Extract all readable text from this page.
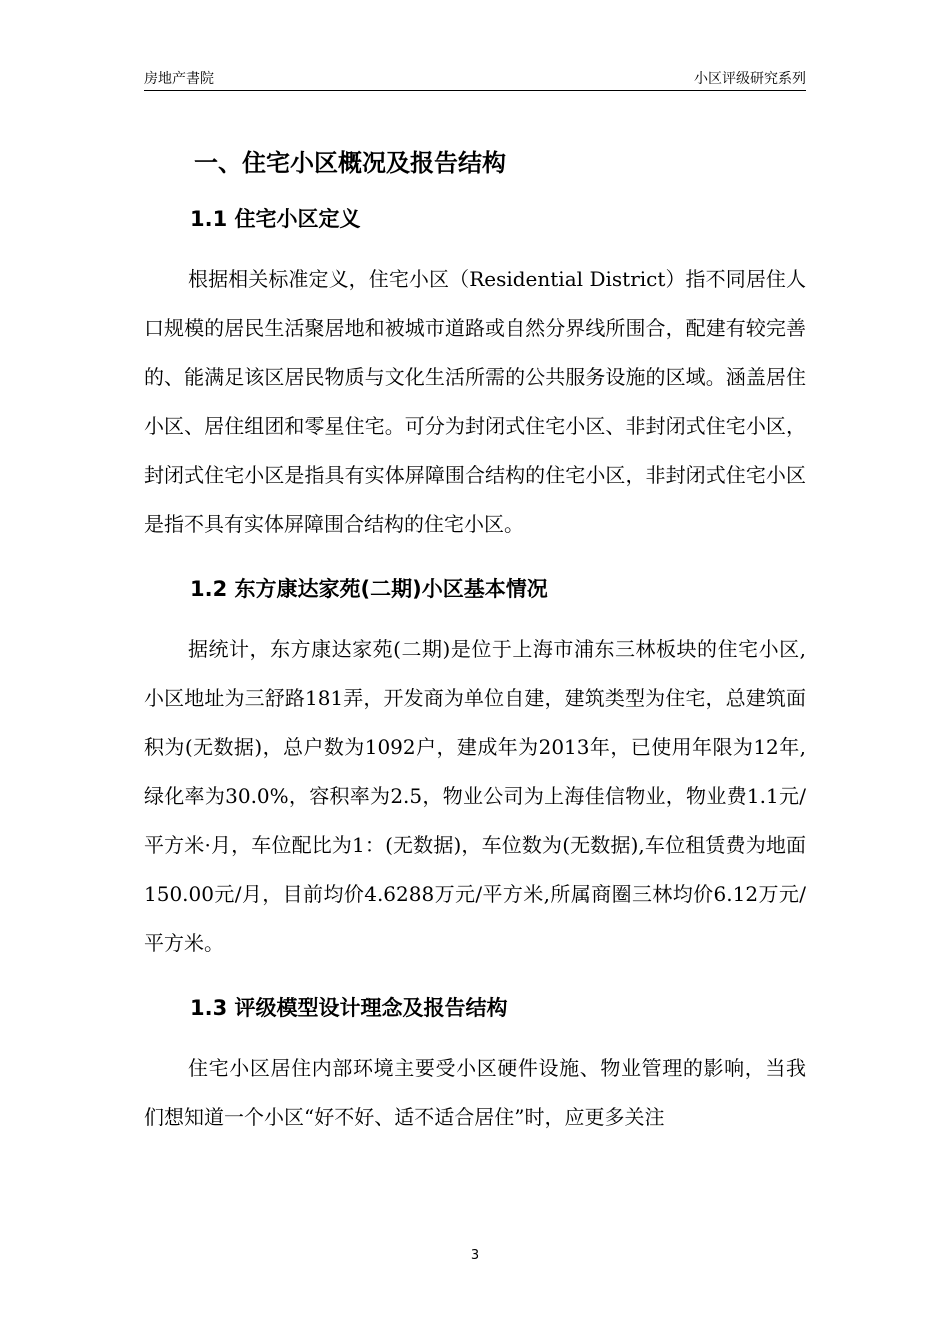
房地产書院	小区评级研究系列
一、住宅小区概况及报告结构
1.1 住宅小区定义

根据相关标准定义，住宅小区（Residential District）指不同居住人口规模的居民生活聚居地和被城市道路或自然分界线所围合，配建有较完善的、能满足该区居民物质与文化生活所需的公共服务设施的区域。涵盖居住小区、居住组团和零星住宅。可分为封闭式住宅小区、非封闭式住宅小区，封闭式住宅小区是指具有实体屏障围合结构的住宅小区，非封闭式住宅小区是指不具有实体屏障围合结构的住宅小区。

1.2 东方康达家苑(二期)小区基本情况

据统计，东方康达家苑(二期)是位于上海市浦东三林板块的住宅小区,小区地址为三舒路181弄，开发商为单位自建，建筑类型为住宅，总建筑面积为(无数据)，总户数为1092户，建成年为2013年，已使用年限为12年,绿化率为30.0%，容积率为2.5，物业公司为上海佳信物业，物业费1.1元/平方米·月，车位配比为1：(无数据)，车位数为(无数据),车位租赁费为地面150.00元/月，目前均价4.6288万元/平方米,所属商圈三林均价6.12万元/平方米。

1.3 评级模型设计理念及报告结构

住宅小区居住内部环境主要受小区硬件设施、物业管理的影响，当我们想知道一个小区“好不好、适不适合居住”时，应更多关注

3
